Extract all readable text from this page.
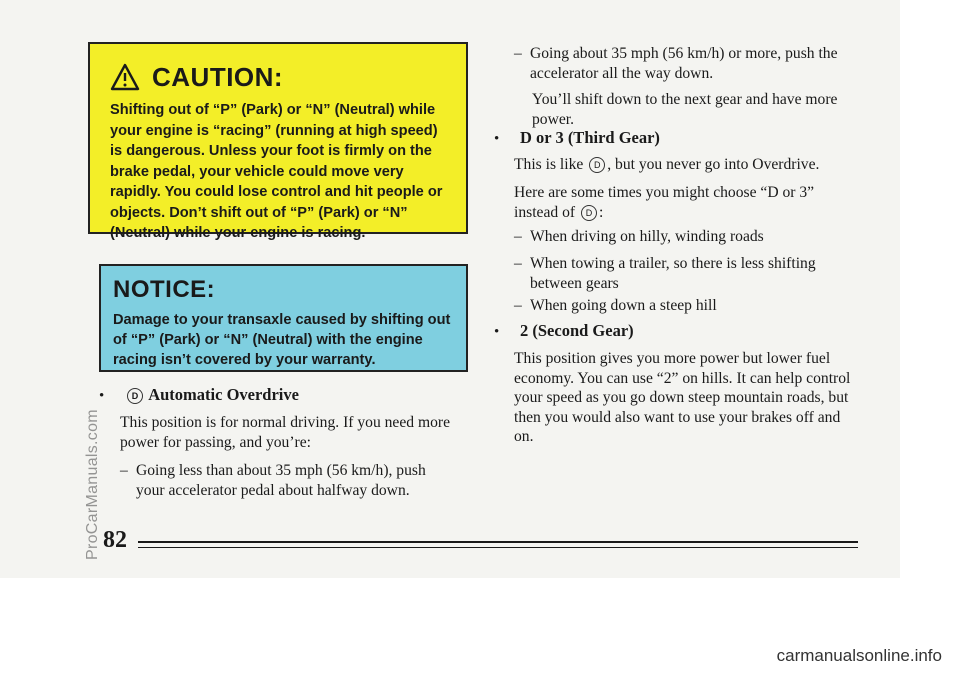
CAUTION:

Shifting out of “P” (Park) or “N” (Neutral) while your engine is “racing” (running at high speed) is dangerous. Unless your foot is firmly on the brake pedal, your vehicle could move very rapidly. You could lose control and hit people or objects. Don’t shift out of “P” (Park) or “N” (Neutral) while your engine is racing.

NOTICE:

Damage to your transaxle caused by shifting out of “P” (Park) or “N” (Neutral) with the engine racing isn’t covered by your warranty.

ProCarManuals.com
•	D Automatic Overdrive
This position is for normal driving. If you need more power for passing, and you’re:
– Going less than about 35 mph (56 km/h), push your accelerator pedal about halfway down.
– Going about 35 mph (56 km/h) or more, push the accelerator all the way down.
You’ll shift down to the next gear and have more power.
•	D or 3 (Third Gear)
This is like D , but you never go into Overdrive.
Here are some times you might choose “D or 3” instead of D :
– When driving on hilly, winding roads
– When towing a trailer, so there is less shifting between gears
– When going down a steep hill
•	2 (Second Gear)
This position gives you more power but lower fuel economy. You can use “2” on hills. It can help control your speed as you go down steep mountain roads, but then you would also want to use your brakes off and on.
82
carmanualsonline.info
